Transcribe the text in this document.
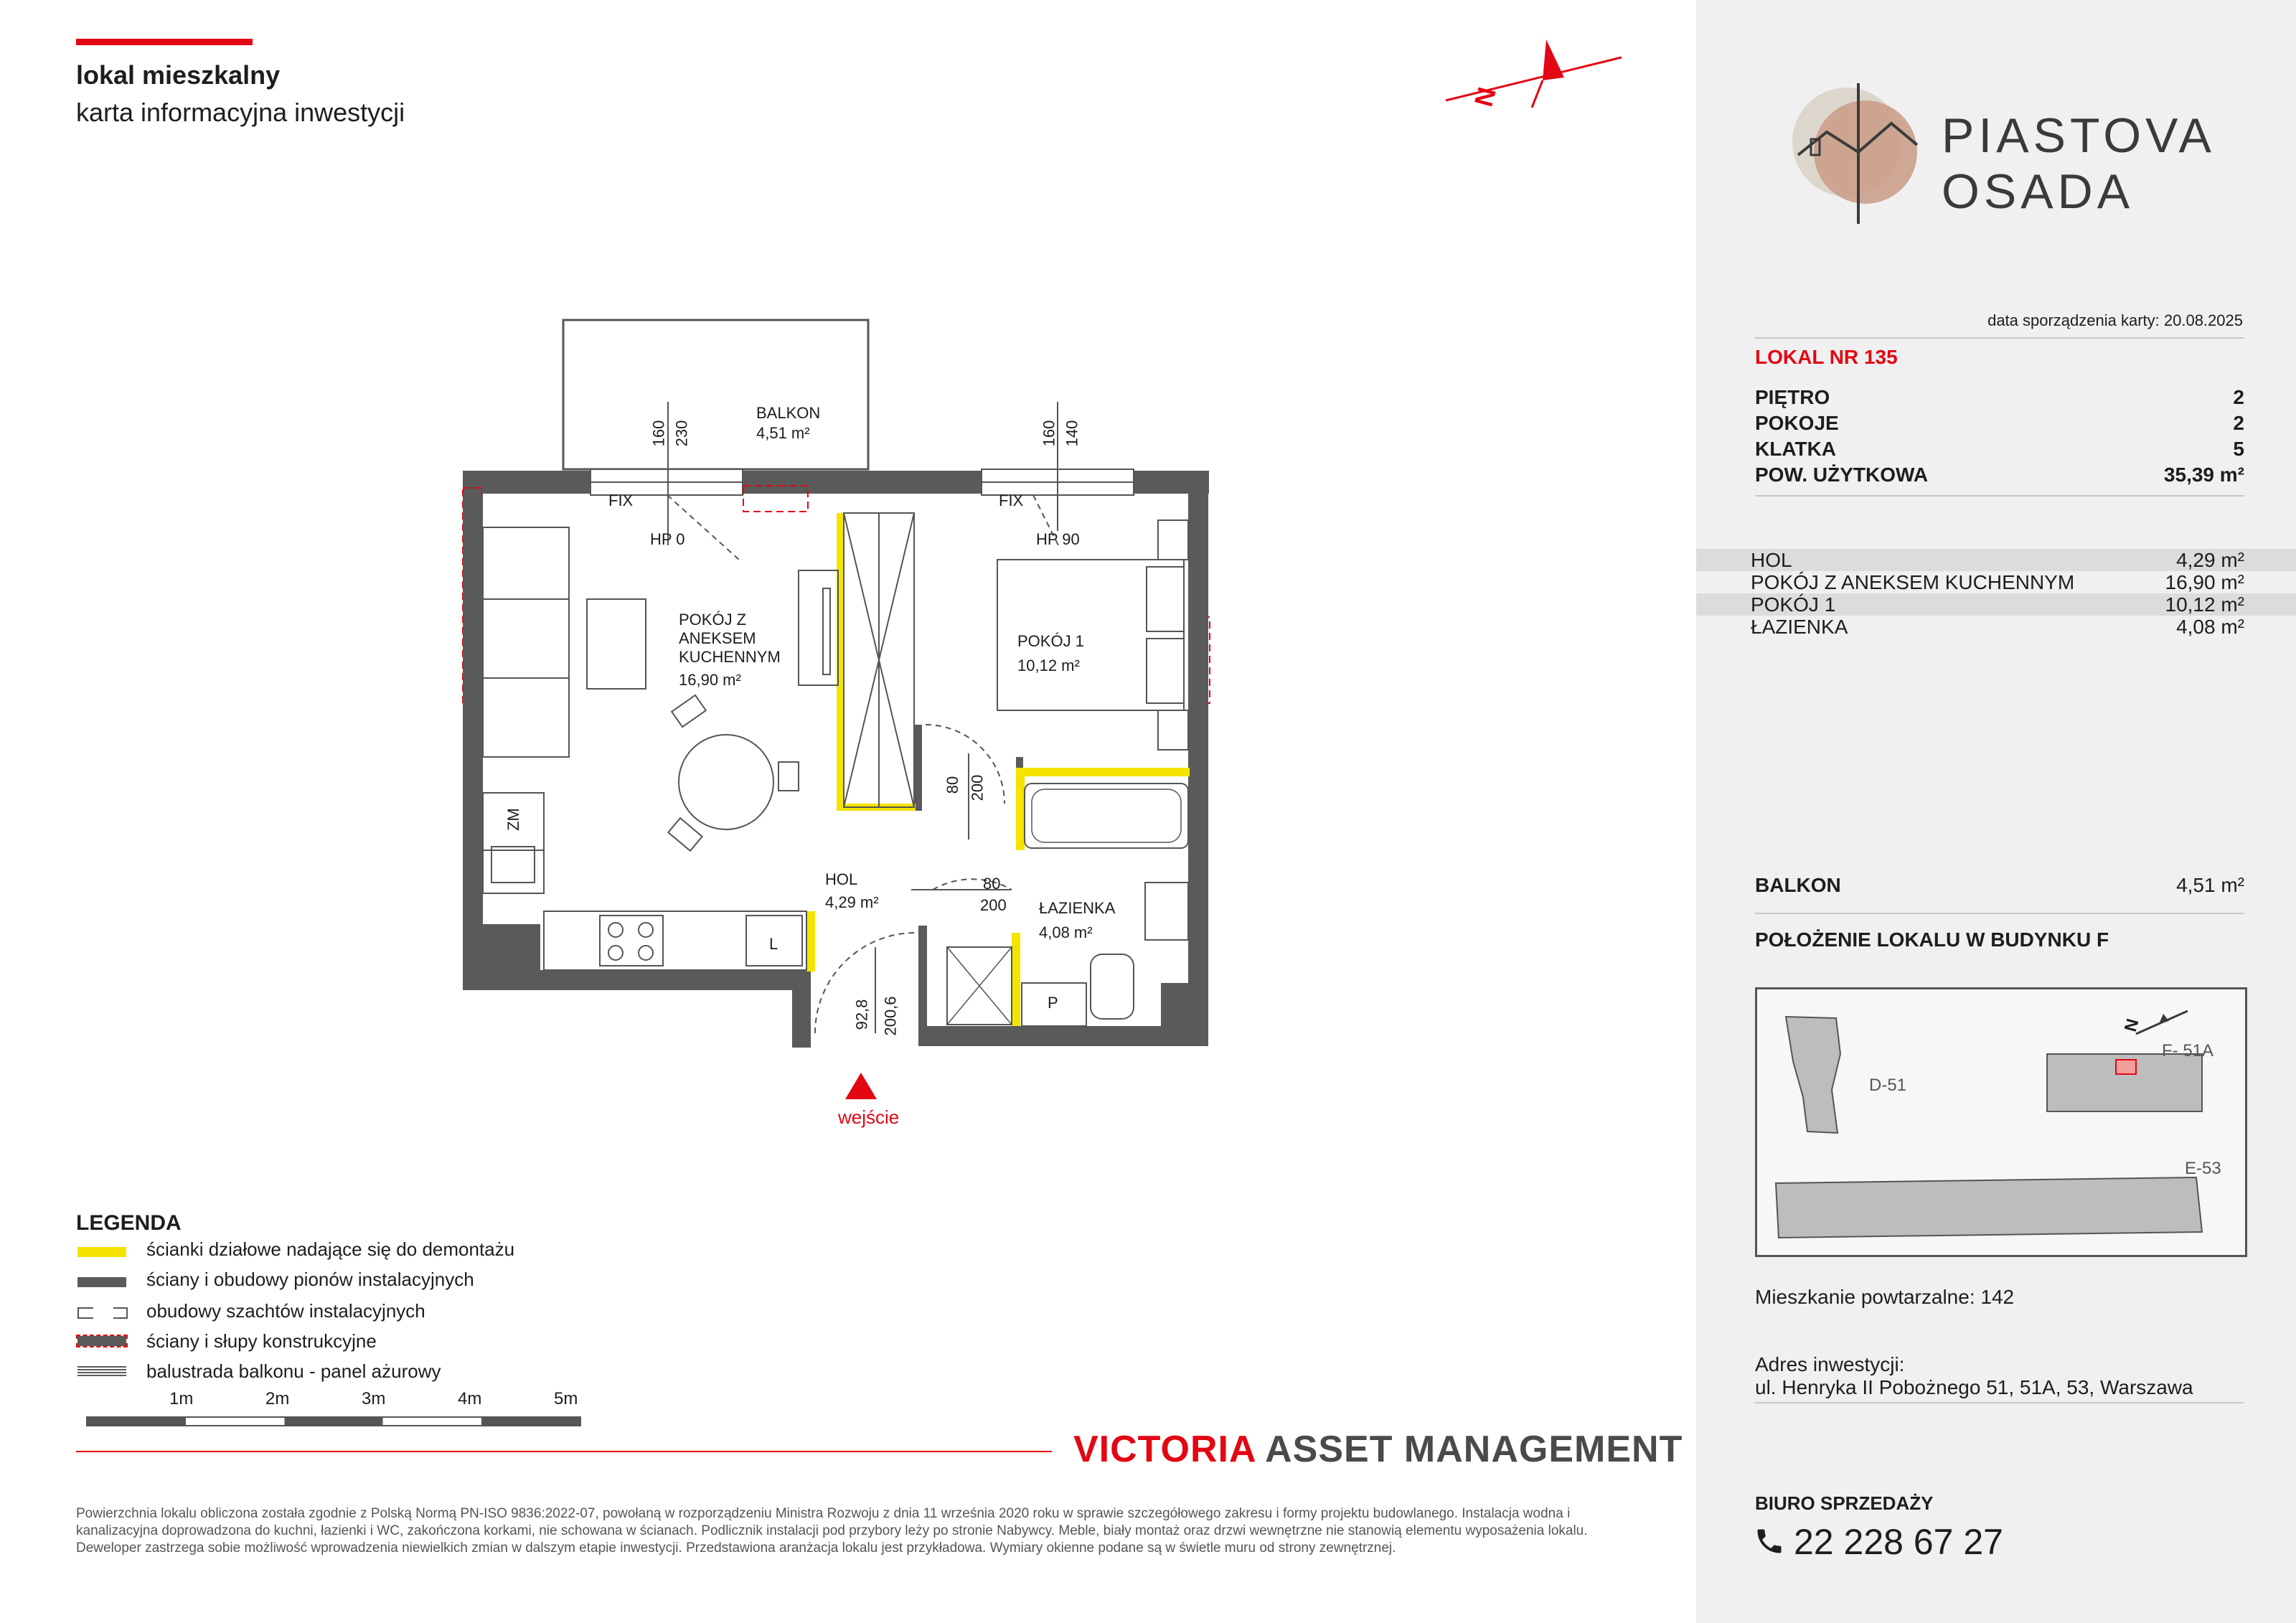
lokal mieszkalny
karta informacyjna inwestycji
N
BALKON
4,51 m²
160 230	160 140
FIX	FIX
HP 0	HP 90
POKÓJ Z
ANEKSEM
KUCHENNYM
16,90 m²
POKÓJ 1
10,12 m²
80 200
ZM
HOL
4,29 m²
80
200 ŁAZIENKA
4,08 m²
L
P
92,8 200,6
wejście
LEGENDA
ścianki działowe nadające się do demontażu
ściany i obudowy pionów instalacyjnych
obudowy szachtów instalacyjnych
ściany i słupy konstrukcyjne
balustrada balkonu - panel ażurowy
1m	2m	3m	4m	5m
VICTORIA ASSET MANAGEMENT
Powierzchnia lokalu obliczona została zgodnie z Polską Normą PN-ISO 9836:2022-07, powołaną w rozporządzeniu Ministra Rozwoju z dnia 11 września 2020 roku w sprawie szczegółowego zakresu i formy projektu budowlanego. Instalacja wodna i kanalizacyjna doprowadzona do kuchni, łazienki i WC, zakończona korkami, nie schowana w ścianach. Podlicznik instalacji pod przybory leży po stronie Nabywcy. Meble, biały montaż oraz drzwi wewnętrzne nie stanowią elementu wyposażenia lokalu. Deweloper zastrzega sobie możliwość wprowadzenia niewielkich zmian w dalszym etapie inwestycji. Przedstawiona aranżacja lokalu jest przykładowa. Wymiary okienne podane są w świetle muru od strony zewnętrznej.
PIASTOVA
OSADA
data sporządzenia karty: 20.08.2025
LOKAL NR 135
PIĘTRO	2
POKOJE	2
KLATKA	5
POW. UŻYTKOWA	35,39 m²
HOL	4,29 m²
POKÓJ Z ANEKSEM KUCHENNYM	16,90 m²
POKÓJ 1	10,12 m²
ŁAZIENKA	4,08 m²
BALKON	4,51 m²
POŁOŻENIE LOKALU W BUDYNKU F
D-51
F- 51A
E-53
N
Mieszkanie powtarzalne: 142
Adres inwestycji:
ul. Henryka II Pobożnego 51, 51A, 53, Warszawa
BIURO SPRZEDAŻY
22 228 67 27
